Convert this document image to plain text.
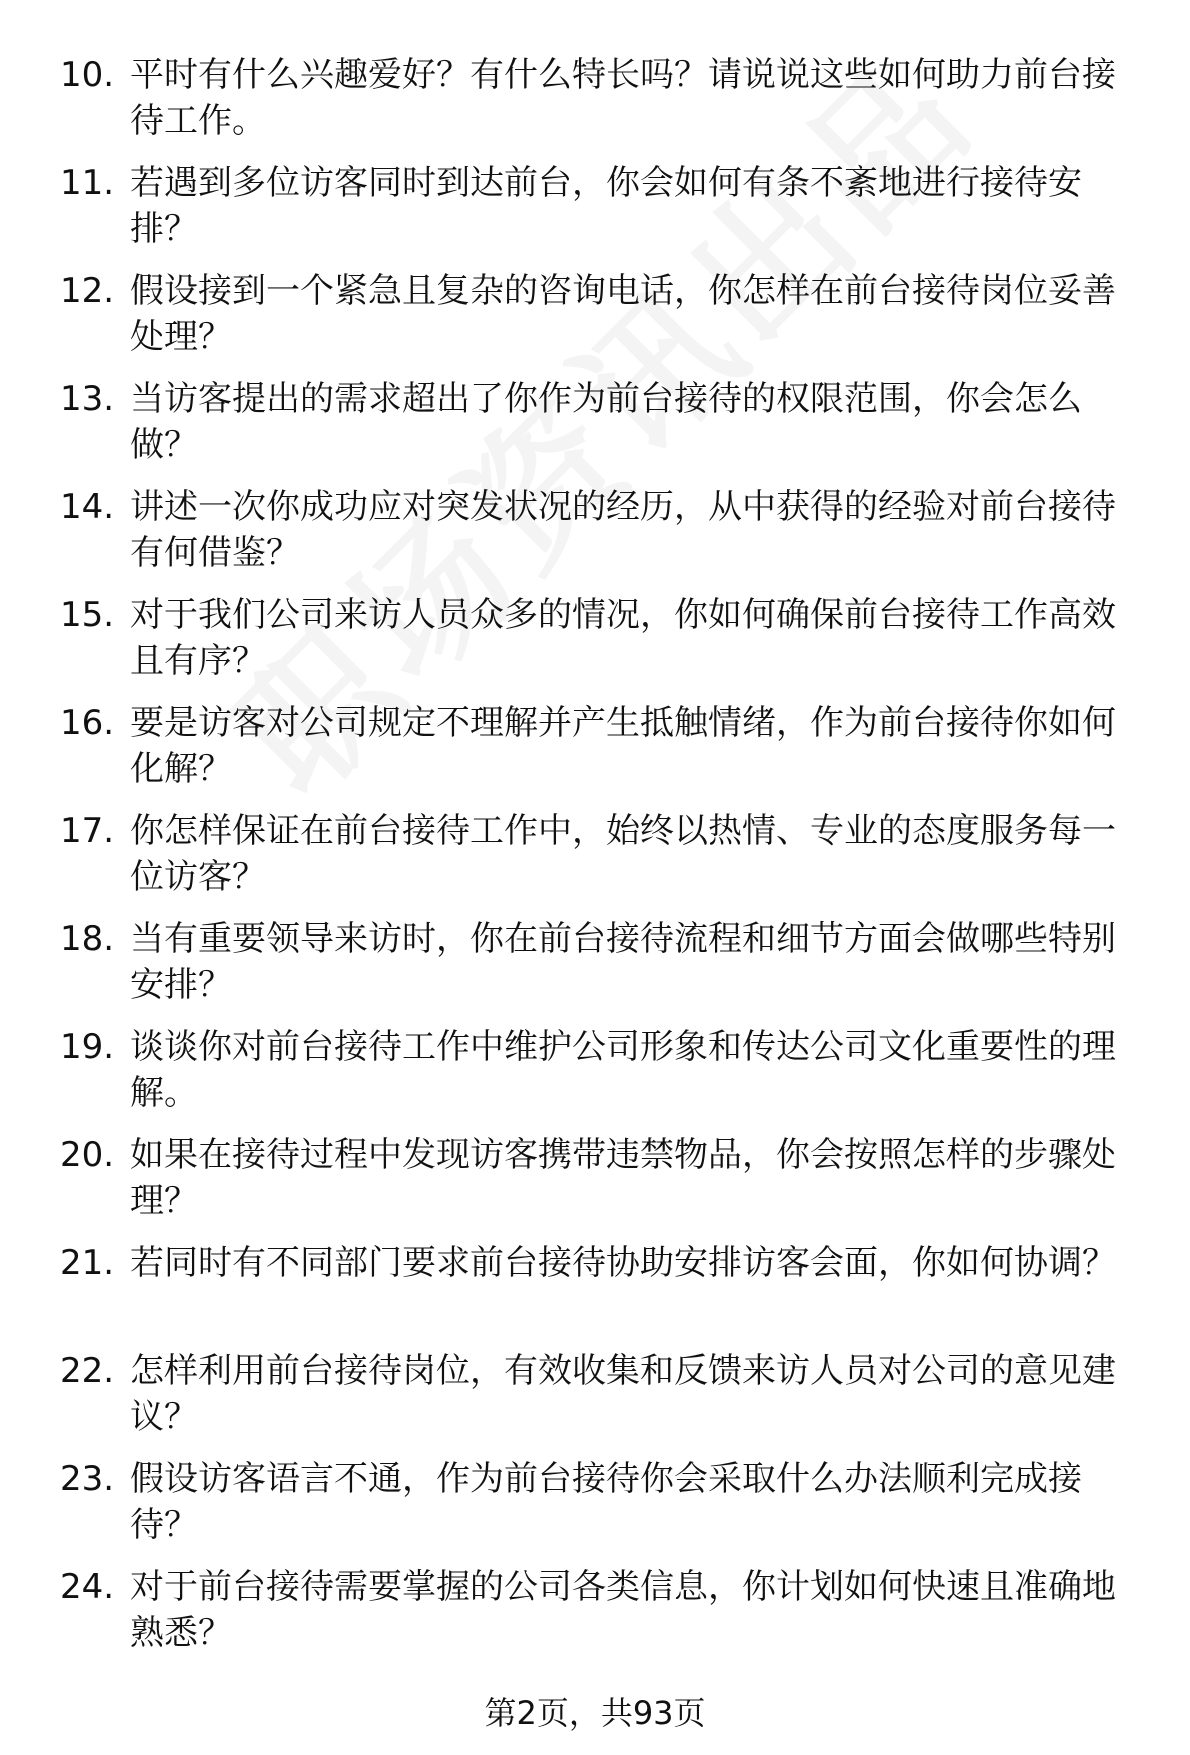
10. 平时有什么兴趣爱好？有什么特长吗？请说说这些如何助力前台接待工作。
11. 若遇到多位访客同时到达前台，你会如何有条不紊地进行接待安排？
12. 假设接到一个紧急且复杂的咨询电话，你怎样在前台接待岗位妥善处理？
13. 当访客提出的需求超出了你作为前台接待的权限范围，你会怎么做？
14. 讲述一次你成功应对突发状况的经历，从中获得的经验对前台接待有何借鉴？
15. 对于我们公司来访人员众多的情况，你如何确保前台接待工作高效且有序？
16. 要是访客对公司规定不理解并产生抵触情绪，作为前台接待你如何化解？
17. 你怎样保证在前台接待工作中，始终以热情、专业的态度服务每一位访客？
18. 当有重要领导来访时，你在前台接待流程和细节方面会做哪些特别安排？
19. 谈谈你对前台接待工作中维护公司形象和传达公司文化重要性的理解。
20. 如果在接待过程中发现访客携带违禁物品，你会按照怎样的步骤处理？
21. 若同时有不同部门要求前台接待协助安排访客会面，你如何协调？
22. 怎样利用前台接待岗位，有效收集和反馈来访人员对公司的意见建议？
23. 假设访客语言不通，作为前台接待你会采取什么办法顺利完成接待？
24. 对于前台接待需要掌握的公司各类信息，你计划如何快速且准确地熟悉？
第2页，共93页
